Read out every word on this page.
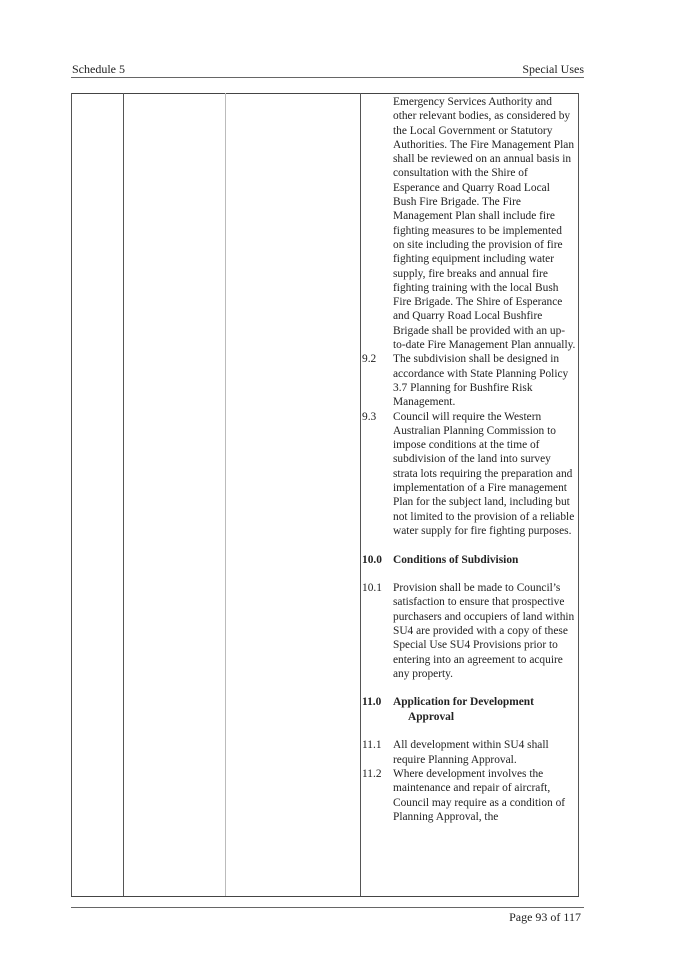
Schedule 5	Special Uses
Emergency Services Authority and other relevant bodies, as considered by the Local Government or Statutory Authorities. The Fire Management Plan shall be reviewed on an annual basis in consultation with the Shire of Esperance and Quarry Road Local Bush Fire Brigade. The Fire Management Plan shall include fire fighting measures to be implemented on site including the provision of fire fighting equipment including water supply, fire breaks and annual fire fighting training with the local Bush Fire Brigade. The Shire of Esperance and Quarry Road Local Bushfire Brigade shall be provided with an up-to-date Fire Management Plan annually.
9.2 The subdivision shall be designed in accordance with State Planning Policy 3.7 Planning for Bushfire Risk Management.
9.3 Council will require the Western Australian Planning Commission to impose conditions at the time of subdivision of the land into survey strata lots requiring the preparation and implementation of a Fire management Plan for the subject land, including but not limited to the provision of a reliable water supply for fire fighting purposes.
10.0 Conditions of Subdivision
10.1 Provision shall be made to Council’s satisfaction to ensure that prospective purchasers and occupiers of land within SU4 are provided with a copy of these Special Use SU4 Provisions prior to entering into an agreement to acquire any property.
11.0 Application for Development
Approval
11.1 All development within SU4 shall require Planning Approval.
11.2 Where development involves the maintenance and repair of aircraft, Council may require as a condition of Planning Approval, the
Page 93 of 117
